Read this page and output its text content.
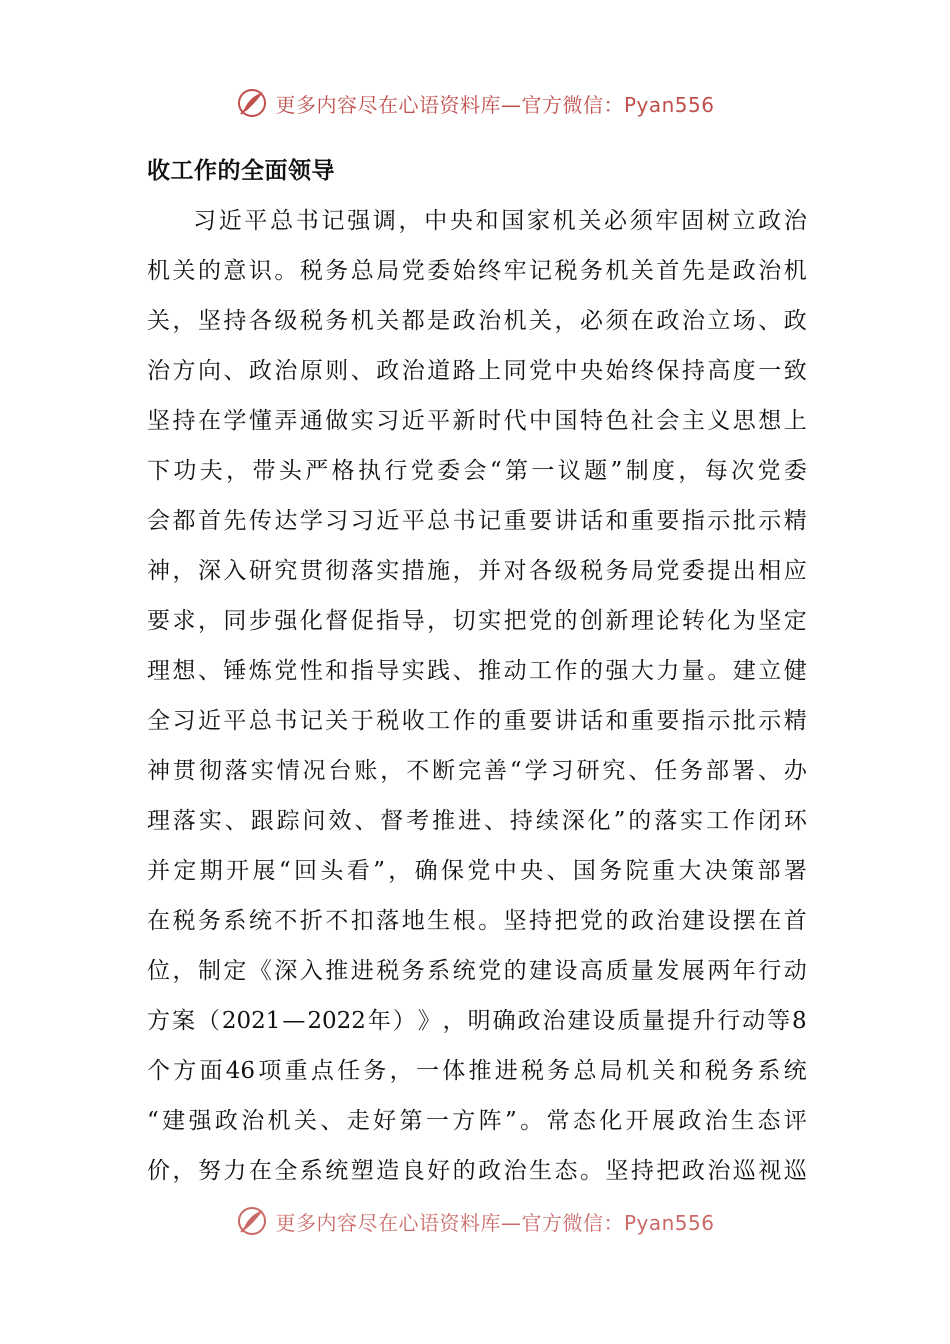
更多内容尽在心语资料库—官方微信：Pyan556
收工作的全面领导
习 近 平 总 书 记 强 调 ， 中 央 和 国 家 机 关 必 须 牢 固 树 立 政 治
机 关 的 意 识 。 税 务 总 局 党 委 始 终 牢 记 税 务 机 关 首 先 是 政 治 机
关 ， 坚 持 各 级 税 务 机 关 都 是 政 治 机 关 ， 必 须 在 政 治 立 场 、 政
治 方 向 、 政 治 原 则 、 政 治 道 路 上 同 党 中 央 始 终 保 持 高 度 一 致
坚 持 在 学 懂 弄 通 做 实 习 近 平 新 时 代 中 国 特 色 社 会 主 义 思 想 上
下 功 夫 ， 带 头 严 格 执 行 党 委 会 “ 第 一 议 题 ” 制 度 ， 每 次 党 委
会 都 首 先 传 达 学 习 习 近 平 总 书 记 重 要 讲 话 和 重 要 指 示 批 示 精
神 ， 深 入 研 究 贯 彻 落 实 措 施 ， 并 对 各 级 税 务 局 党 委 提 出 相 应
要 求 ， 同 步 强 化 督 促 指 导 ， 切 实 把 党 的 创 新 理 论 转 化 为 坚 定
理 想 、 锤 炼 党 性 和 指 导 实 践 、 推 动 工 作 的 强 大 力 量 。 建 立 健
全 习 近 平 总 书 记 关 于 税 收 工 作 的 重 要 讲 话 和 重 要 指 示 批 示 精
神 贯 彻 落 实 情 况 台 账 ， 不 断 完 善 “ 学 习 研 究 、 任 务 部 署 、 办
理 落 实 、 跟 踪 问 效 、 督 考 推 进 、 持 续 深 化 ” 的 落 实 工 作 闭 环
并 定 期 开 展 “ 回 头 看 ” ， 确 保 党 中 央 、 国 务 院 重 大 决 策 部 署
在 税 务 系 统 不 折 不 扣 落 地 生 根 。 坚 持 把 党 的 政 治 建 设 摆 在 首
位 ， 制 定 《 深 入 推 进 税 务 系 统 党 的 建 设 高 质 量 发 展 两 年 行 动
方 案 （ 2021 — 2022 年 ） 》 ， 明 确 政 治 建 设 质 量 提 升 行 动 等 8
个 方 面 46 项 重 点 任 务 ， 一 体 推 进 税 务 总 局 机 关 和 税 务 系 统
“ 建 强 政 治 机 关 、 走 好 第 一 方 阵 ” 。 常 态 化 开 展 政 治 生 态 评
价 ， 努 力 在 全 系 统 塑 造 良 好 的 政 治 生 态 。 坚 持 把 政 治 巡 视 巡
更多内容尽在心语资料库—官方微信：Pyan556
